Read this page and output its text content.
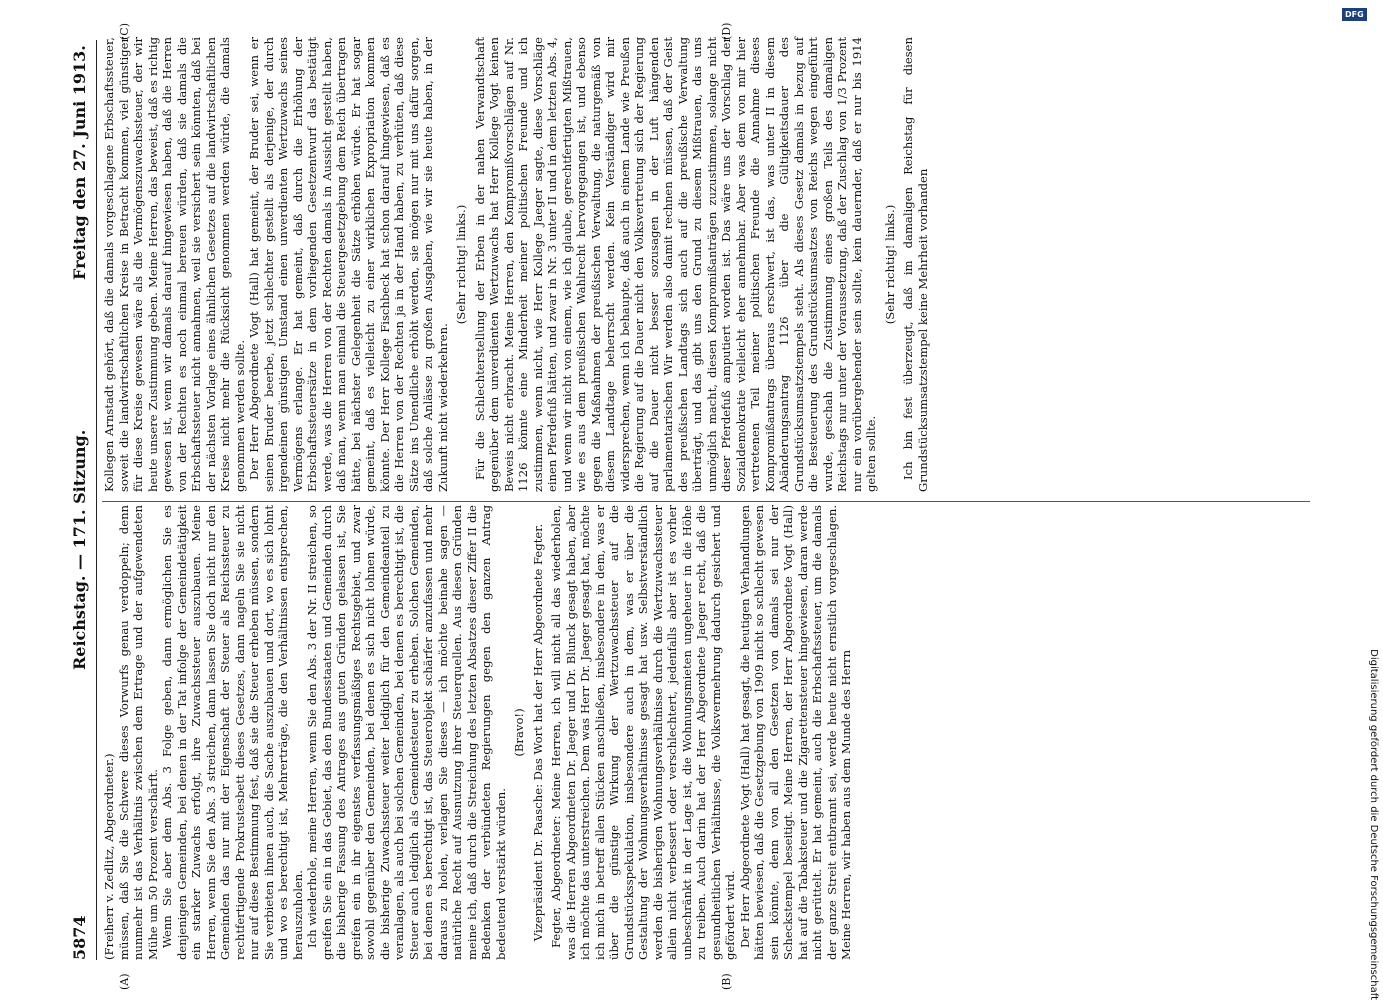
5874
Reichstag. — 171. Sitzung.
Freitag den 27. Juni 1913.
(A)	(B)
(C)	(D)

(Freiherr v. Zedlitz, Abgeordneter.) müssen, daß Sie die Schwere dieses Vorwurfs genau verdoppeln; denn nunmehr ist das Verhältnis zwischen dem Ertrage und der aufgewendeten Mühe um 50 Prozent verschärft. Wenn Sie aber dem Abs. 3 Folge geben, dann ermöglichen Sie es denjenigen Gemeinden, bei denen in der Tat infolge der Gemeindetätigkeit ein starker Zuwachs erfolgt, ihre Zuwachssteuer auszubauen. Meine Herren, wenn Sie den Abs. 3 streichen, dann lassen Sie doch nicht nur den Gemeinden das nur mit der Eigenschaft der Steuer als Reichssteuer zu rechtfertigende Prokrustesbett dieses Gesetzes, dann nageln Sie sie nicht nur auf diese Bestimmung fest, daß sie die Steuer erheben müssen, sondern Sie verbieten ihnen auch, die Sache auszubauen und dort, wo es sich lohnt und wo es berechtigt ist, Mehrerträge, die den Verhältnissen entsprechen, herauszuholen. Ich wiederhole, meine Herren, wenn Sie den Abs. 3 der Nr. II streichen, so greifen Sie ein in das Gebiet, das den Bundesstaaten und Gemeinden durch die bisherige Fassung des Antrages aus guten Gründen gelassen ist, Sie greifen ein in ihr eigenstes verfassungsmäßiges Rechtsgebiet, und zwar sowohl gegenüber den Gemeinden, bei denen es sich nicht lohnen würde, die bisherige Zuwachssteuer weiter lediglich für den Gemeindeanteil zu veranlagen, als auch bei solchen Gemeinden, bei denen es berechtigt ist, die Steuer auch lediglich als Gemeindesteuer zu erheben. Solchen Gemeinden, bei denen es berechtigt ist, das Steuerobjekt schärfer anzufassen und mehr daraus zu holen, verlagen Sie dieses — ich möchte beinahe sagen — natürliche Recht auf Ausnutzung ihrer Steuerquellen. Aus diesen Gründen meine ich, daß durch die Streichung des letzten Absatzes dieser Ziffer II die Bedenken der verbündeten Regierungen gegen den ganzen Antrag bedeutend verstärkt würden.

(Bravo!) Vizepräsident Dr. Paasche: Das Wort hat der Herr Abgeordnete Fegter. Fegter, Abgeordneter: Meine Herren, ich will nicht all das wiederholen, was die Herren Abgeordneten Dr. Jaeger und Dr. Blunck gesagt haben, aber ich möchte das unterstreichen. Dem was Herr Dr. Jaeger gesagt hat, möchte ich mich in betreff allen Stücken anschließen, insbesondere in dem, was er über die günstige Wirkung der Wertzuwachssteuer auf die Grundstücksspekulation, insbesondere auch in dem, was er über die Gestaltung der Wohnungsverhältnisse gesagt hat usw. Selbstverständlich werden die bisherigen Wohnungsverhältnisse durch die Wertzuwachssteuer allein nicht verbessert oder verschlechtert, jedenfalls aber ist es vorher unbeschränkt in der Lage ist, die Wohnungsmieten ungeheuer in die Höhe zu treiben. Auch darin hat der Herr Abgeordnete Jaeger recht, daß die gesundheitlichen Verhältnisse, die Volksvermehrung dadurch gesichert und gefördert wird. Der Herr Abgeordnete Vogt (Hall) hat gesagt, die heutigen Verhandlungen hätten bewiesen, daß die Gesetzgebung von 1909 nicht so schlecht gewesen sein könnte, denn von all den Gesetzen von damals sei nur der Scheckstempel beseitigt. Meine Herren, der Herr Abgeordnete Vogt (Hall) hat auf die Tabaksteuer und die Zigarettensteuer hingewiesen, daran werde nicht gerüttelt. Er hat gemeint, auch die Erbschaftssteuer, um die damals der ganze Streit entbrannt sei, werde heute nicht ernstlich vorgeschlagen. Meine Herren, wir haben aus dem Munde des Herrn

Kollegen Arnstadt gehört, daß die damals vorgeschlagene Erbschaftssteuer, soweit die landwirtschaftlichen Kreise in Betracht kommen, viel günstiger für diese Kreise gewesen wäre als die Vermögenszuwachssteuer, der wir heute unsere Zustimmung geben. Meine Herren, das beweist, daß es richtig gewesen ist, wenn wir damals darauf hingewiesen haben, daß die Herren von der Rechten es noch einmal bereuen würden, daß sie damals die Erbschaftssteuer nicht annahmen, weil sie versichert sein könnten, daß bei der nächsten Vorlage eines ähnlichen Gesetzes auf die landwirtschaftlichen Kreise nicht mehr die Rücksicht genommen werden würde, die damals genommen werden sollte. Der Herr Abgeordnete Vogt (Hall) hat gemeint, der Bruder sei, wenn er seinen Bruder beerbe, jetzt schlechter gestellt als derjenige, der durch irgendeinen günstigen Umstand einen unverdienten Wertzuwachs seines Vermögens erlange. Er hat gemeint, daß durch die Erhöhung der Erbschaftssteuersätze in dem vorliegenden Gesetzentwurf das bestätigt werde, was die Herren von der Rechten damals in Aussicht gestellt haben, daß man, wenn man einmal die Steuergesetzgebung dem Reich übertragen hätte, bei nächster Gelegenheit die Sätze erhöhen würde. Er hat sogar gemeint, daß es vielleicht zu einer wirklichen Expropriation kommen könnte. Der Herr Kollege Fischbeck hat schon darauf hingewiesen, daß es die Herren von der Rechten ja in der Hand haben, zu verhüten, daß diese Sätze ins Unendliche erhöht werden, sie mögen nur mit uns dafür sorgen, daß solche Anlässe zu großen Ausgaben, wie wir sie heute haben, in der Zukunft nicht wiederkehren.

(Sehr richtig! links.) Für die Schlechterstellung der Erben in der nahen Verwandtschaft gegenüber dem unverdienten Wertzuwachs hat Herr Kollege Vogt keinen Beweis nicht erbracht. Meine Herren, den Kompromißvorschlägen auf Nr. 1126 könnte eine Minderheit meiner politischen Freunde und ich zustimmen, wenn nicht, wie Herr Kollege Jaeger sagte, diese Vorschläge einen Pferdefuß hätten, und zwar in Nr. 3 unter II und in dem letzten Abs. 4, und wenn wir nicht von einem, wie ich glaube, gerechtfertigten Mißtrauen, wie es aus dem preußischen Wahlrecht hervorgegangen ist, und ebenso gegen die Maßnahmen der preußischen Verwaltung, die naturgemäß von diesem Landtage beherrscht werden. Kein Verständiger wird mir widersprechen, wenn ich behaupte, daß auch in einem Lande wie Preußen die Regierung auf die Dauer nicht den Volksvertretung sich der Regierung auf die Dauer nicht besser sozusagen in der Luft hängenden parlamentarischen Wir werden also damit rechnen müssen, daß der Geist des preußischen Landtags sich auch auf die preußische Verwaltung überträgt, und das gibt uns den Grund zu diesem Mißtrauen, das uns unmöglich macht, diesen Kompromißanträgen zuzustimmen, solange nicht dieser Pferdefuß amputiert worden ist. Das wäre uns der Vorschlag der Sozialdemokratie vielleicht eher annehmbar. Aber was dem von mir hier vertretenen Teil meiner politischen Freunde die Annahme dieses Kompromißantrags überaus erschwert, ist das, was unter II in diesem Abänderungsantrag 1126 über die Gültigkeitsdauer des Grundstücksumsatzstempels steht. Als dieses Gesetz damals in bezug auf die Besteuerung des Grundstücksumsatzes von Reichs wegen eingeführt wurde, geschah die Zustimmung eines großen Teils des damaligen Reichstags nur unter der Voraussetzung, daß der Zuschlag von 1/3 Prozent nur ein vorübergehender sein sollte, kein dauernder, daß er nur bis 1914 gelten sollte.

(Sehr richtig! links.) Ich bin fest überzeugt, daß im damaligen Reichstag für diesen Grundstücksumsatzstempel keine Mehrheit vorhanden

DFG
Digitalisierung gefördert durch die Deutsche Forschungsgemeinschaft
